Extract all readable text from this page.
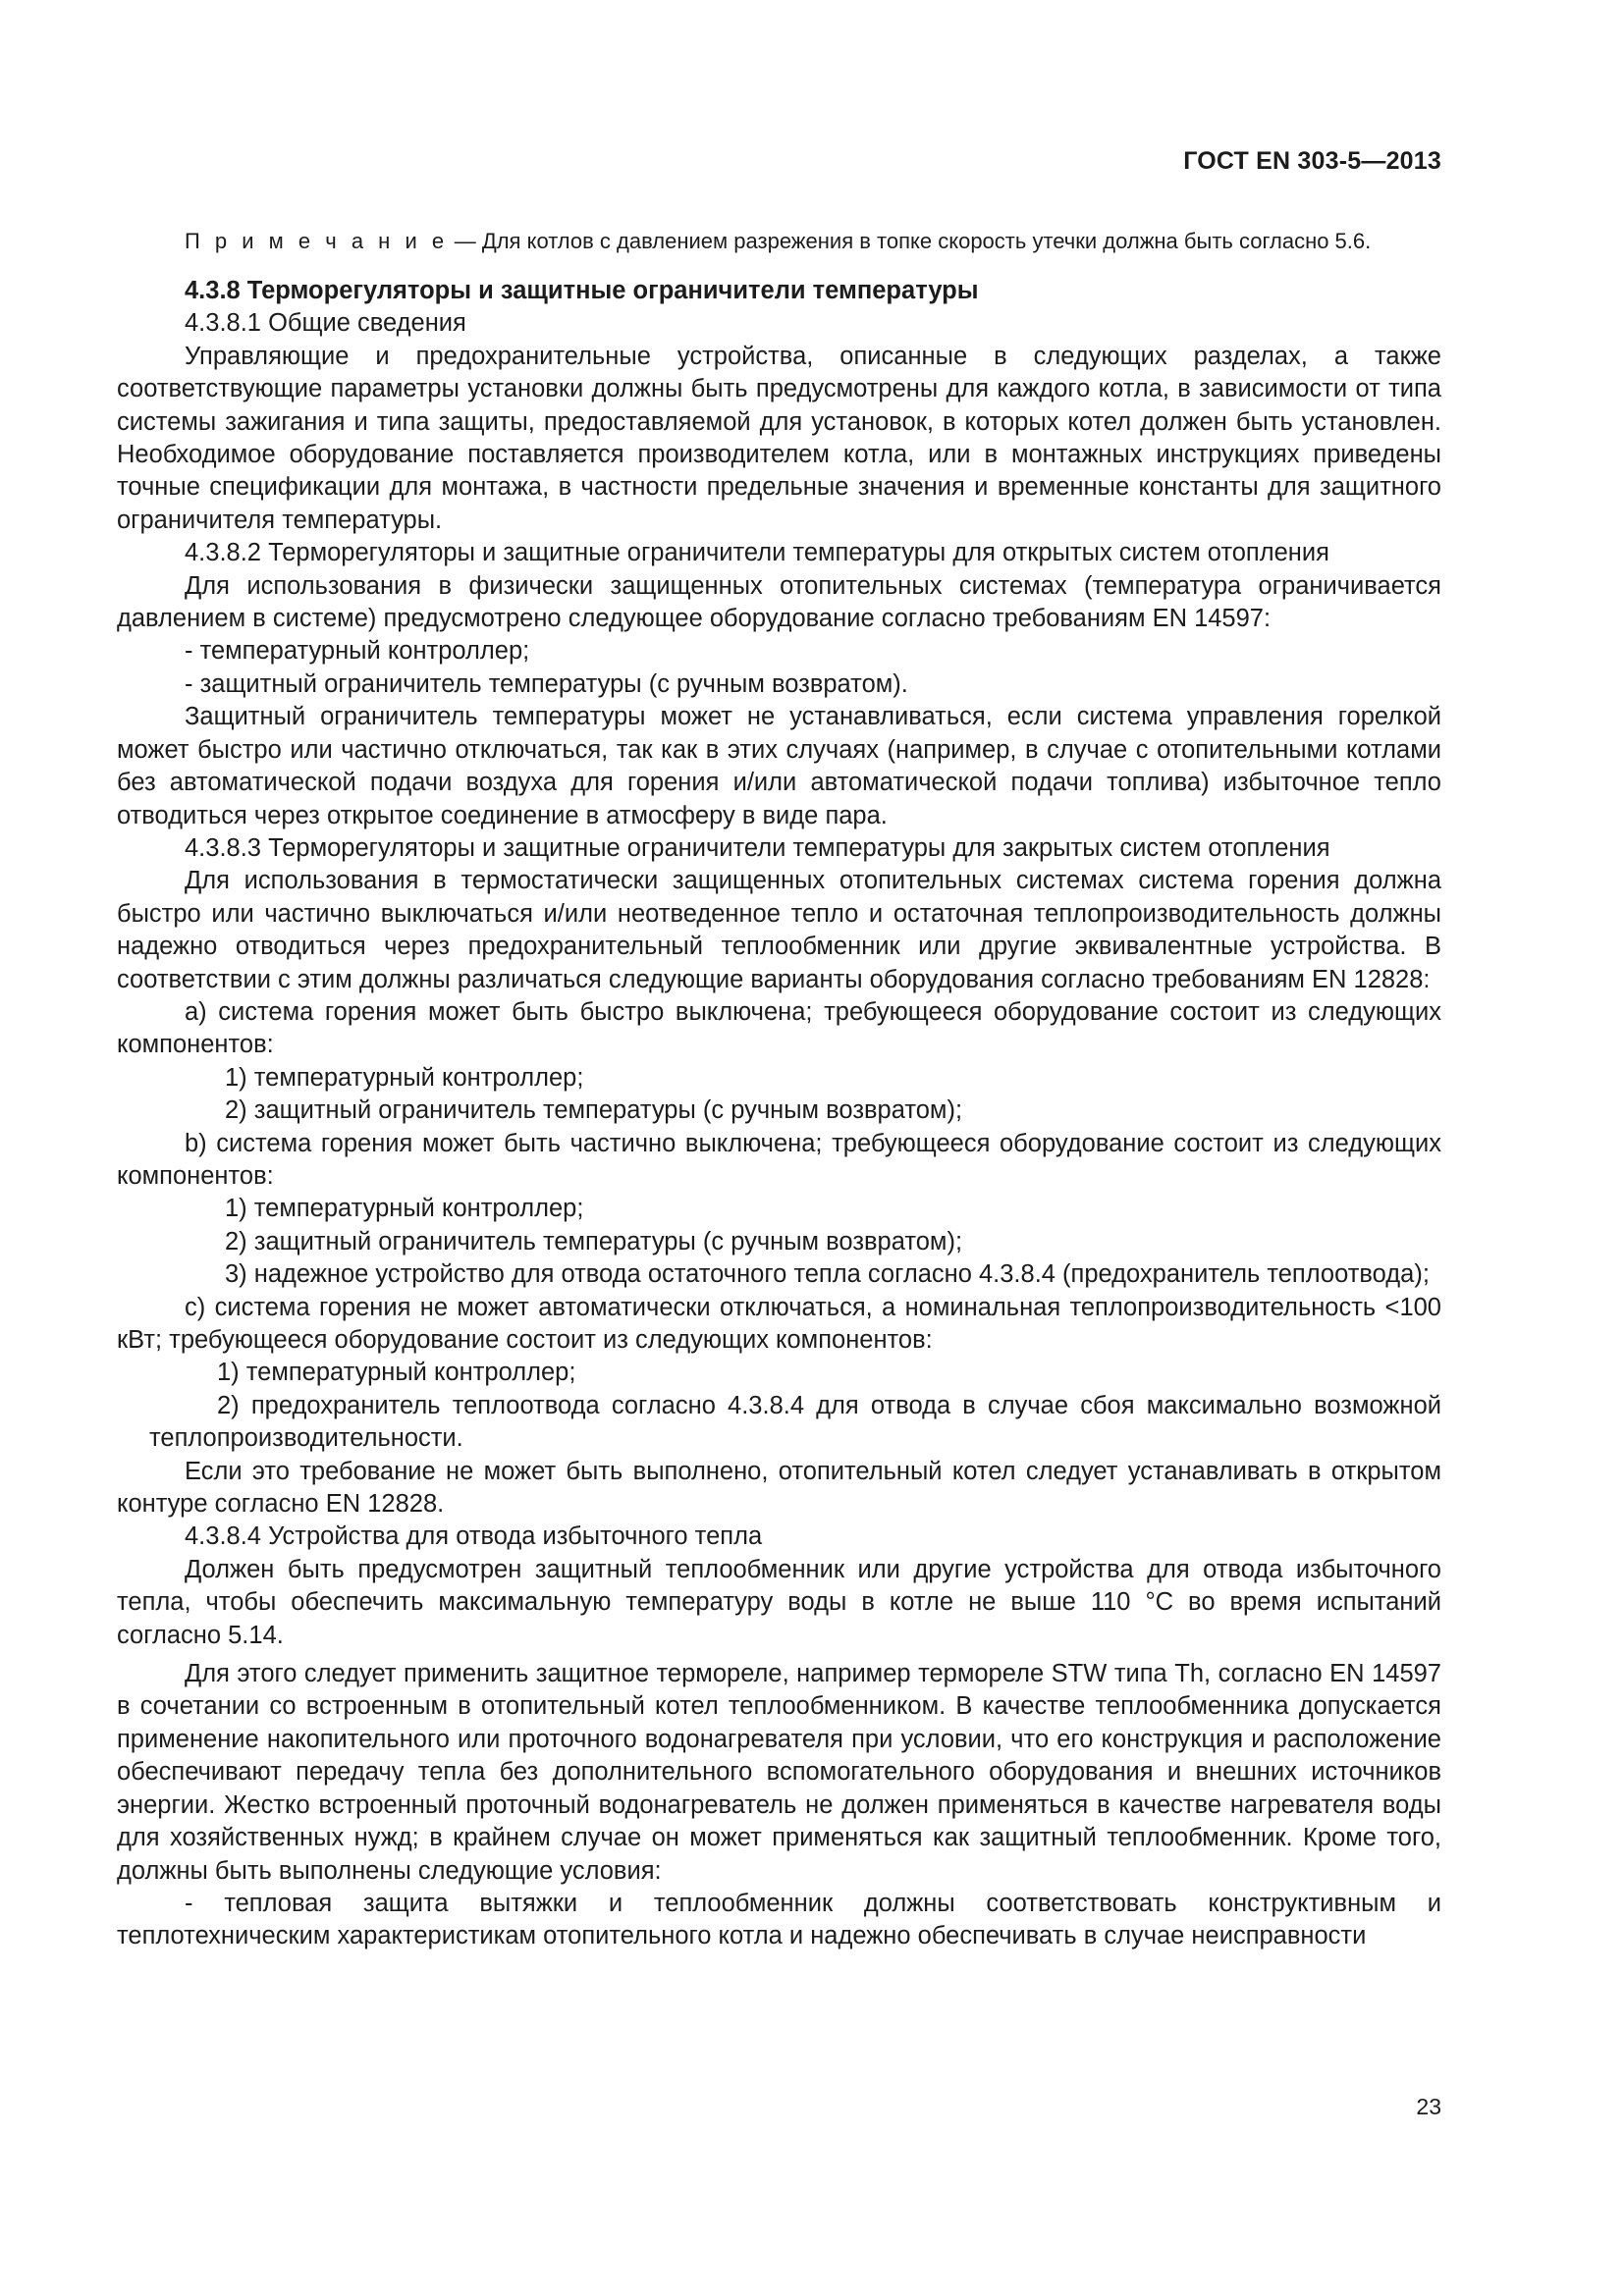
ГОСТ EN 303-5—2013
П р и м е ч а н и е — Для котлов с давлением разрежения в топке скорость утечки должна быть согласно 5.6.
4.3.8 Терморегуляторы и защитные ограничители температуры
4.3.8.1 Общие сведения

Управляющие и предохранительные устройства, описанные в следующих разделах, а также соответствующие параметры установки должны быть предусмотрены для каждого котла, в зависимости от типа системы зажигания и типа защиты, предоставляемой для установок, в которых котел должен быть установлен. Необходимое оборудование поставляется производителем котла, или в монтажных инструкциях приведены точные спецификации для монтажа, в частности предельные значения и временные константы для защитного ограничителя температуры.

4.3.8.2 Терморегуляторы и защитные ограничители температуры для открытых систем отопления

Для использования в физически защищенных отопительных системах (температура ограничивается давлением в системе) предусмотрено следующее оборудование согласно требованиям EN 14597:

- температурный контроллер;
- защитный ограничитель температуры (с ручным возвратом).

Защитный ограничитель температуры может не устанавливаться, если система управления горелкой может быстро или частично отключаться, так как в этих случаях (например, в случае с отопительными котлами без автоматической подачи воздуха для горения и/или автоматической подачи топлива) избыточное тепло отводиться через открытое соединение в атмосферу в виде пара.

4.3.8.3 Терморегуляторы и защитные ограничители температуры для закрытых систем отопления

Для использования в термостатически защищенных отопительных системах система горения должна быстро или частично выключаться и/или неотведенное тепло и остаточная теплопроизводительность должны надежно отводиться через предохранительный теплообменник или другие эквивалентные устройства. В соответствии с этим должны различаться следующие варианты оборудования согласно требованиям EN 12828:

а) система горения может быть быстро выключена; требующееся оборудование состоит из следующих компонентов:

1) температурный контроллер;
2) защитный ограничитель температуры (с ручным возвратом);

b) система горения может быть частично выключена; требующееся оборудование состоит из следующих компонентов:

1) температурный контроллер;
2) защитный ограничитель температуры (с ручным возвратом);

3) надежное устройство для отвода остаточного тепла согласно 4.3.8.4 (предохранитель теплоотвода);

с) система горения не может автоматически отключаться, а номинальная теплопроизводительность <100 кВт; требующееся оборудование состоит из следующих компонентов:

1) температурный контроллер;

2) предохранитель теплоотвода согласно 4.3.8.4 для отвода в случае сбоя максимально возможной теплопроизводительности.

Если это требование не может быть выполнено, отопительный котел следует устанавливать в открытом контуре согласно EN 12828.

4.3.8.4 Устройства для отвода избыточного тепла

Должен быть предусмотрен защитный теплообменник или другие устройства для отвода избыточного тепла, чтобы обеспечить максимальную температуру воды в котле не выше 110 °С во время испытаний согласно 5.14.

Для этого следует применить защитное термореле, например термореле STW типа Th, согласно EN 14597 в сочетании со встроенным в отопительный котел теплообменником. В качестве теплообменника допускается применение накопительного или проточного водонагревателя при условии, что его конструкция и расположение обеспечивают передачу тепла без дополнительного вспомогательного оборудования и внешних источников энергии. Жестко встроенный проточный водонагреватель не должен применяться в качестве нагревателя воды для хозяйственных нужд; в крайнем случае он может применяться как защитный теплообменник. Кроме того, должны быть выполнены следующие условия:

- тепловая защита вытяжки и теплообменник должны соответствовать конструктивным и теплотехническим характеристикам отопительного котла и надежно обеспечивать в случае неисправности

23
